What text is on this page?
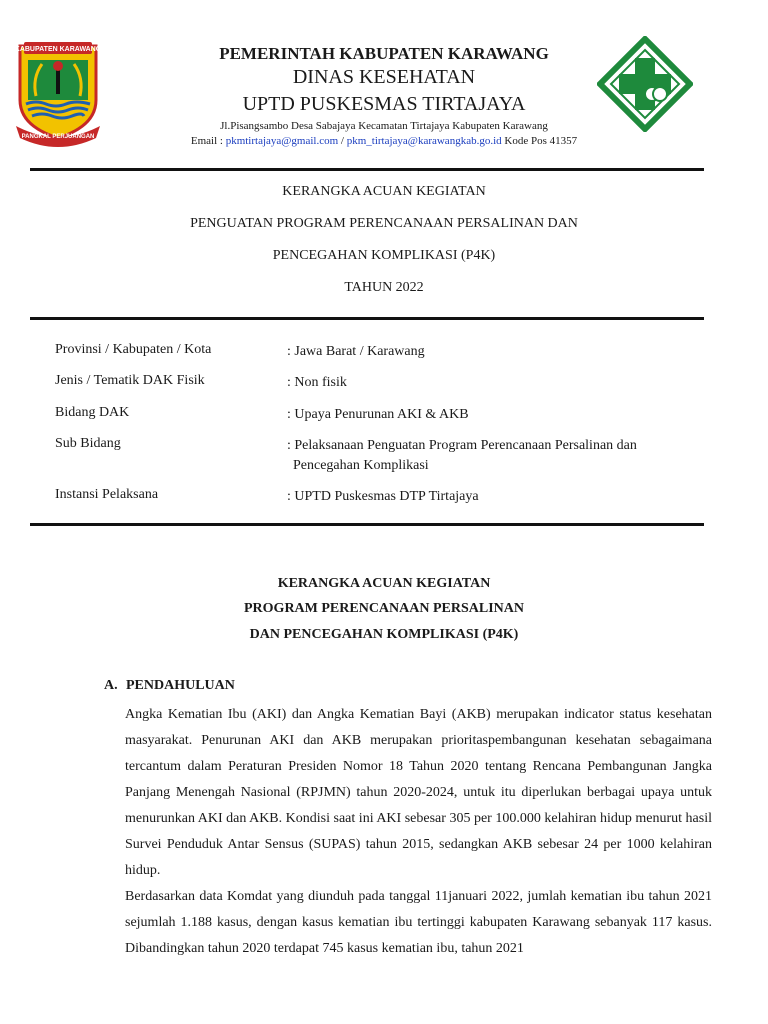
KABUPATEN KARAWANG
PANGKAL PERJUANGAN
PEMERINTAH KABUPATEN KARAWANG
DINAS KESEHATAN
UPTD PUSKESMAS TIRTAJAYA
Jl.Pisangsambo Desa Sabajaya Kecamatan Tirtajaya Kabupaten Karawang
Email : pkmtirtajaya@gmail.com / pkm_tirtajaya@karawangkab.go.id Kode Pos 41357
KERANGKA ACUAN KEGIATAN
PENGUATAN PROGRAM PERENCANAAN PERSALINAN DAN
PENCEGAHAN KOMPLIKASI (P4K)
TAHUN 2022
Provinsi / Kabupaten / Kota	: Jawa Barat / Karawang
Jenis / Tematik DAK Fisik	: Non fisik
Bidang DAK	: Upaya Penurunan AKI & AKB
Sub Bidang	: Pelaksanaan Penguatan Program Perencanaan Persalinan dan
Pencegahan Komplikasi
Instansi Pelaksana	: UPTD Puskesmas DTP Tirtajaya
KERANGKA ACUAN KEGIATAN
PROGRAM PERENCANAAN PERSALINAN
DAN PENCEGAHAN KOMPLIKASI (P4K)
A. PENDAHULUAN

Angka Kematian Ibu (AKI) dan Angka Kematian Bayi (AKB) merupakan indicator status kesehatan masyarakat. Penurunan AKI dan AKB merupakan prioritaspembangunan kesehatan sebagaimana tercantum dalam Peraturan Presiden Nomor 18 Tahun 2020 tentang Rencana Pembangunan Jangka Panjang Menengah Nasional (RPJMN) tahun 2020-2024, untuk itu diperlukan berbagai upaya untuk menurunkan AKI dan AKB. Kondisi saat ini AKI sebesar 305 per 100.000 kelahiran hidup menurut hasil Survei Penduduk Antar Sensus (SUPAS) tahun 2015, sedangkan AKB sebesar 24 per 1000 kelahiran hidup.

Berdasarkan data Komdat yang diunduh pada tanggal 11januari 2022, jumlah kematian ibu tahun 2021 sejumlah 1.188 kasus, dengan kasus kematian ibu tertinggi kabupaten Karawang sebanyak 117 kasus. Dibandingkan tahun 2020 terdapat 745 kasus kematian ibu, tahun 2021
